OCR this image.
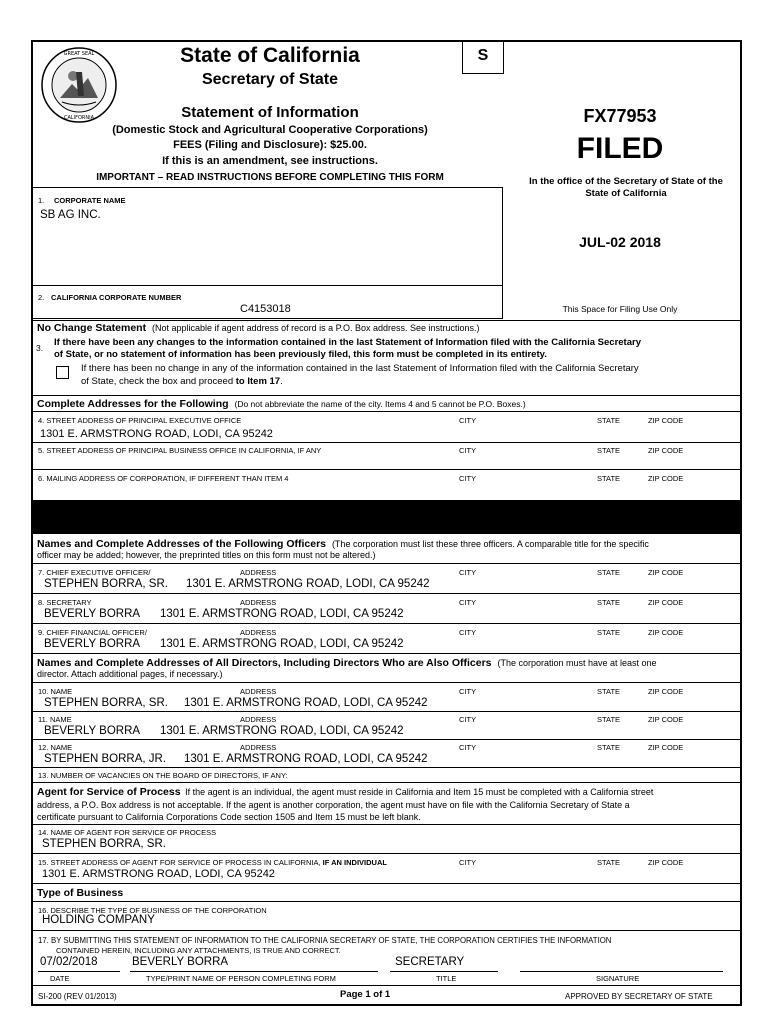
GREAT SEAL
CALIFORNIA
State of California
Secretary of State
S
Statement of Information
(Domestic Stock and Agricultural Cooperative Corporations)
FEES (Filing and Disclosure): $25.00.
If this is an amendment, see instructions.
IMPORTANT – READ INSTRUCTIONS BEFORE COMPLETING THIS FORM
FX77953
FILED
In the office of the Secretary of State of the State of California
JUL-02 2018
This Space for Filing Use Only
1. CORPORATE NAME
SB AG INC.
2. CALIFORNIA CORPORATE NUMBER
C4153018
No Change Statement (Not applicable if agent address of record is a P.O. Box address. See instructions.)
3. If there have been any changes to the information contained in the last Statement of Information filed with the California Secretary
of State, or no statement of information has been previously filed, this form must be completed in its entirety.
If there has been no change in any of the information contained in the last Statement of Information filed with the California Secretary
of State, check the box and proceed to Item 17.
Complete Addresses for the Following (Do not abbreviate the name of the city. Items 4 and 5 cannot be P.O. Boxes.)
4. STREET ADDRESS OF PRINCIPAL EXECUTIVE OFFICE	CITY	STATE	ZIP CODE
1301 E. ARMSTRONG ROAD, LODI, CA 95242
5. STREET ADDRESS OF PRINCIPAL BUSINESS OFFICE IN CALIFORNIA, IF ANY	CITY	STATE	ZIP CODE
6. MAILING ADDRESS OF CORPORATION, IF DIFFERENT THAN ITEM 4	CITY	STATE	ZIP CODE
Names and Complete Addresses of the Following Officers (The corporation must list these three officers. A comparable title for the specific
officer may be added; however, the preprinted titles on this form must not be altered.)
7. CHIEF EXECUTIVE OFFICER/	ADDRESS	CITY	STATE	ZIP CODE
STEPHEN BORRA, SR. 1301 E. ARMSTRONG ROAD, LODI, CA 95242
8. SECRETARY	ADDRESS	CITY	STATE	ZIP CODE
BEVERLY BORRA 1301 E. ARMSTRONG ROAD, LODI, CA 95242
9. CHIEF FINANCIAL OFFICER/	ADDRESS	CITY	STATE	ZIP CODE
BEVERLY BORRA 1301 E. ARMSTRONG ROAD, LODI, CA 95242
Names and Complete Addresses of All Directors, Including Directors Who are Also Officers (The corporation must have at least one
director. Attach additional pages, if necessary.)
10. NAME	ADDRESS	CITY	STATE	ZIP CODE
STEPHEN BORRA, SR. 1301 E. ARMSTRONG ROAD, LODI, CA 95242
11. NAME	ADDRESS	CITY	STATE	ZIP CODE
BEVERLY BORRA 1301 E. ARMSTRONG ROAD, LODI, CA 95242
12. NAME	ADDRESS	CITY	STATE	ZIP CODE
STEPHEN BORRA, JR. 1301 E. ARMSTRONG ROAD, LODI, CA 95242
13. NUMBER OF VACANCIES ON THE BOARD OF DIRECTORS, IF ANY:
Agent for Service of Process If the agent is an individual, the agent must reside in California and Item 15 must be completed with a California street
address, a P.O. Box address is not acceptable. If the agent is another corporation, the agent must have on file with the California Secretary of State a
certificate pursuant to California Corporations Code section 1505 and Item 15 must be left blank.
14. NAME OF AGENT FOR SERVICE OF PROCESS
STEPHEN BORRA, SR.
15. STREET ADDRESS OF AGENT FOR SERVICE OF PROCESS IN CALIFORNIA, IF AN INDIVIDUAL	CITY	STATE	ZIP CODE
1301 E. ARMSTRONG ROAD, LODI, CA 95242
Type of Business
16. DESCRIBE THE TYPE OF BUSINESS OF THE CORPORATION
HOLDING COMPANY
17. BY SUBMITTING THIS STATEMENT OF INFORMATION TO THE CALIFORNIA SECRETARY OF STATE, THE CORPORATION CERTIFIES THE INFORMATION
CONTAINED HEREIN, INCLUDING ANY ATTACHMENTS, IS TRUE AND CORRECT.
07/02/2018	BEVERLY BORRA	SECRETARY
DATE	TYPE/PRINT NAME OF PERSON COMPLETING FORM	TITLE	SIGNATURE
SI-200 (REV 01/2013)	Page 1 of 1	APPROVED BY SECRETARY OF STATE
